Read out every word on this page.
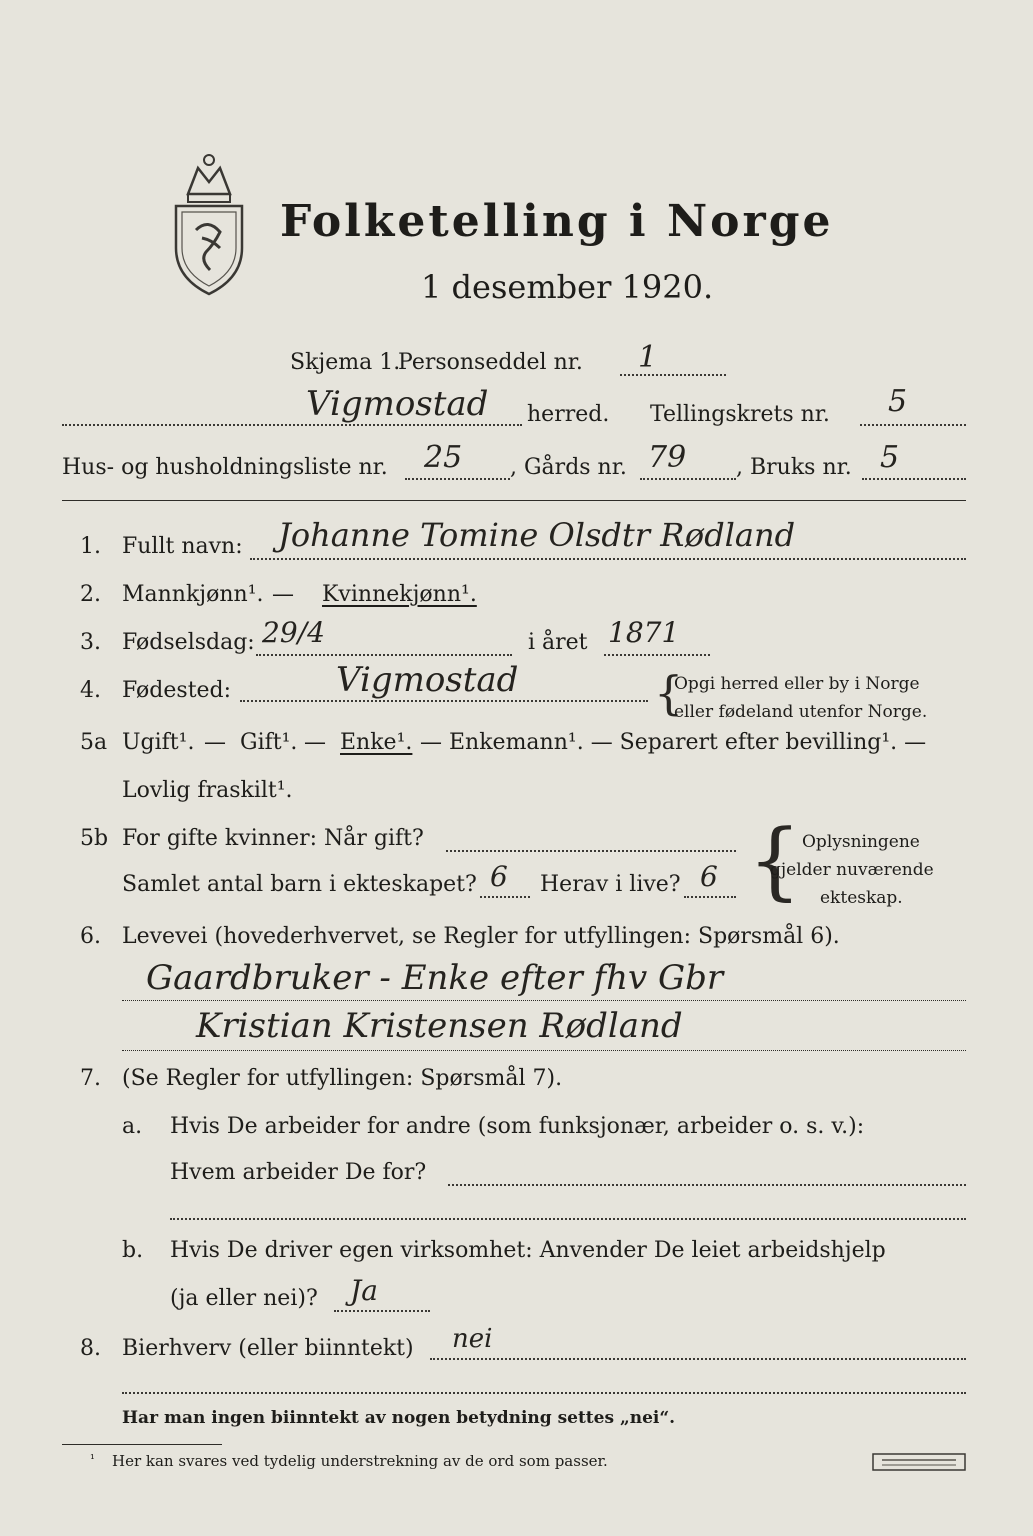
Folketelling i Norge
1 desember 1920.
Skjema 1.
Personseddel nr. 1
Vigmostad herred. Tellingskrets nr. 5
Hus- og husholdningsliste nr. 25 , Gårds nr. 79 , Bruks nr. 5
1. Fullt navn: Johanne Tomine Olsdtr Rødland
2. Mannkjønn¹. — Kvinnekjønn¹.
3. Fødselsdag: 29/4	i året 1871
4. Fødested:	Vigmostad	{
Opgi herred eller by i Norge
eller fødeland utenfor Norge.
5a Ugift¹. — Gift¹. — Enke¹. — Enkemann¹. — Separert efter bevilling¹. —
Lovlig fraskilt¹.
5b For gifte kvinner: Når gift?
Samlet antal barn i ekteskapet? 6 Herav i live? 6 { Oplysningene
gjelder nuværende
ekteskap.
6. Levevei (hovederhvervet, se Regler for utfyllingen: Spørsmål 6).
Gaardbruker - Enke efter fhv Gbr
Kristian Kristensen Rødland
7. (Se Regler for utfyllingen: Spørsmål 7).
a. Hvis De arbeider for andre (som funksjonær, arbeider o. s. v.):
Hvem arbeider De for?
b. Hvis De driver egen virksomhet: Anvender De leiet arbeidshjelp
(ja eller nei)? Ja
8. Bierhverv (eller biinntekt) nei
Har man ingen biinntekt av nogen betydning settes „nei“.
¹ Her kan svares ved tydelig understrekning av de ord som passer.
